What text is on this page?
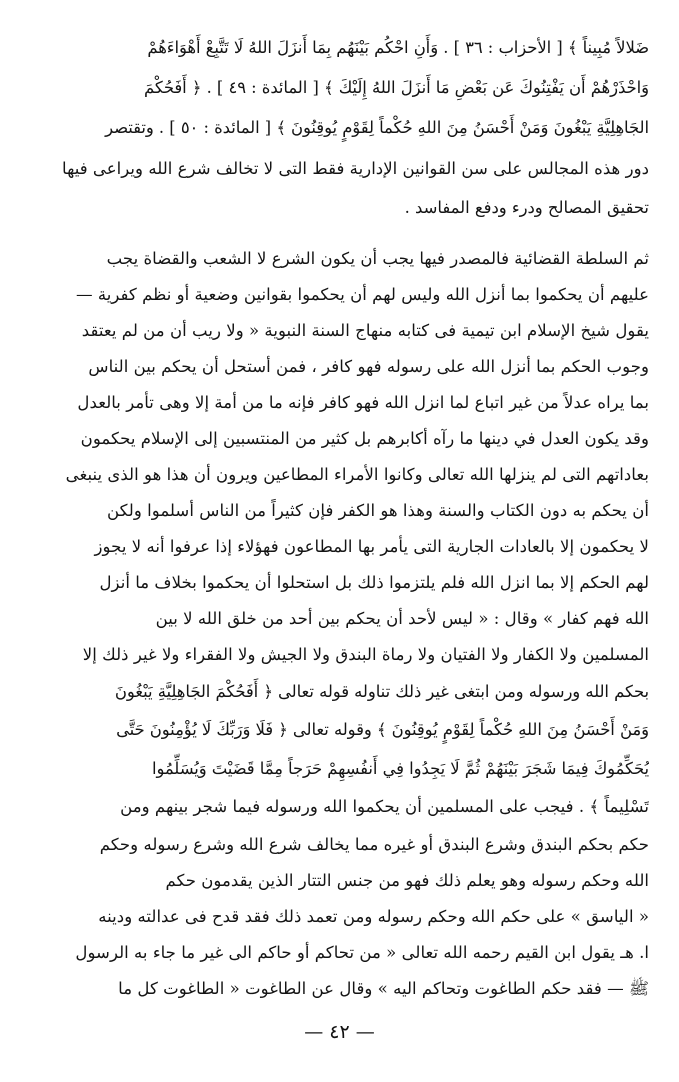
ضَلالاً مُبِيناً ﴾ [ الأحزاب : ٣٦ ] . وَأَنِ احْكُم بَيْنَهُم بِمَا أَنزَلَ اللهُ لَا تَتَّبِعْ أَهْوَاءَهُمْ
وَاحْذَرْهُمْ أَن يَفْتِنُوكَ عَن بَعْضِ مَا أَنزَلَ اللهُ إِلَيْكَ ﴾ [ المائدة : ٤٩ ] . ﴿ أَفَحُكْمَ
الجَاهِلِيَّةِ يَبْغُونَ وَمَنْ أَحْسَنُ مِنَ اللهِ حُكْماً لِقَوْمٍ يُوقِنُونَ ﴾ [ المائدة : ٥٠ ] . وتقتصر
دور هذه المجالس على سن القوانين الإدارية فقط التى لا تخالف شرع الله ويراعى فيها
تحقيق المصالح ودرء ودفع المفاسد .
ثم السلطة القضائية فالمصدر فيها يجب أن يكون الشرع لا الشعب والقضاة يجب
عليهم أن يحكموا بما أنزل الله وليس لهم أن يحكموا بقوانين وضعية أو نظم كفرية —
يقول شيخ الإسلام ابن تيمية فى كتابه منهاج السنة النبوية « ولا ريب أن من لم يعتقد
وجوب الحكم بما أنزل الله على رسوله فهو كافر ، فمن أستحل أن يحكم بين الناس
بما يراه عدلاً من غير اتباع لما انزل الله فهو كافر فإنه ما من أمة إلا وهى تأمر بالعدل
وقد يكون العدل في دينها ما رآه أكابرهم بل كثير من المنتسبين إلى الإسلام يحكمون
بعاداتهم التى لم ينزلها الله تعالى وكانوا الأمراء المطاعين ويرون أن هذا هو الذى ينبغى
أن يحكم به دون الكتاب والسنة وهذا هو الكفر فإن كثيراً من الناس أسلموا ولكن
لا يحكمون إلا بالعادات الجارية التى يأمر بها المطاعون فهؤلاء إذا عرفوا أنه لا يجوز
لهم الحكم إلا بما انزل الله فلم يلتزموا ذلك بل استحلوا أن يحكموا بخلاف ما أنزل
الله فهم كفار » وقال : « ليس لأحد أن يحكم بين أحد من خلق الله لا بين
المسلمين ولا الكفار ولا الفتيان ولا رماة البندق ولا الجيش ولا الفقراء ولا غير ذلك إلا
بحكم الله ورسوله ومن ابتغى غير ذلك تناوله قوله تعالى ﴿ أَفَحُكْمَ الجَاهِلِيَّةِ يَبْغُونَ
وَمَنْ أَحْسَنُ مِنَ اللهِ حُكْماً لِقَوْمٍ يُوقِنُونَ ﴾ وقوله تعالى ﴿ فَلَا وَرَبِّكَ لَا يُؤْمِنُونَ حَتَّى
يُحَكِّمُوكَ فِيمَا شَجَرَ بَيْنَهُمْ ثُمَّ لَا يَجِدُوا فِي أَنفُسِهِمْ حَرَجاً مِمَّا قَضَيْتَ وَيُسَلِّمُوا
تَسْلِيماً ﴾ . فيجب على المسلمين أن يحكموا الله ورسوله فيما شجر بينهم ومن
حكم بحكم البندق وشرع البندق أو غيره مما يخالف شرع الله وشرع رسوله وحكم
الله وحكم رسوله وهو يعلم ذلك فهو من جنس التتار الذين يقدمون حكم
« الياسق » على حكم الله وحكم رسوله ومن تعمد ذلك فقد قدح فى عدالته ودينه
ا. هـ يقول ابن القيم رحمه الله تعالى « من تحاكم أو حاكم الى غير ما جاء به الرسول
ﷺ — فقد حكم الطاغوت وتحاكم اليه » وقال عن الطاغوت « الطاغوت كل ما
— ٤٢ —
